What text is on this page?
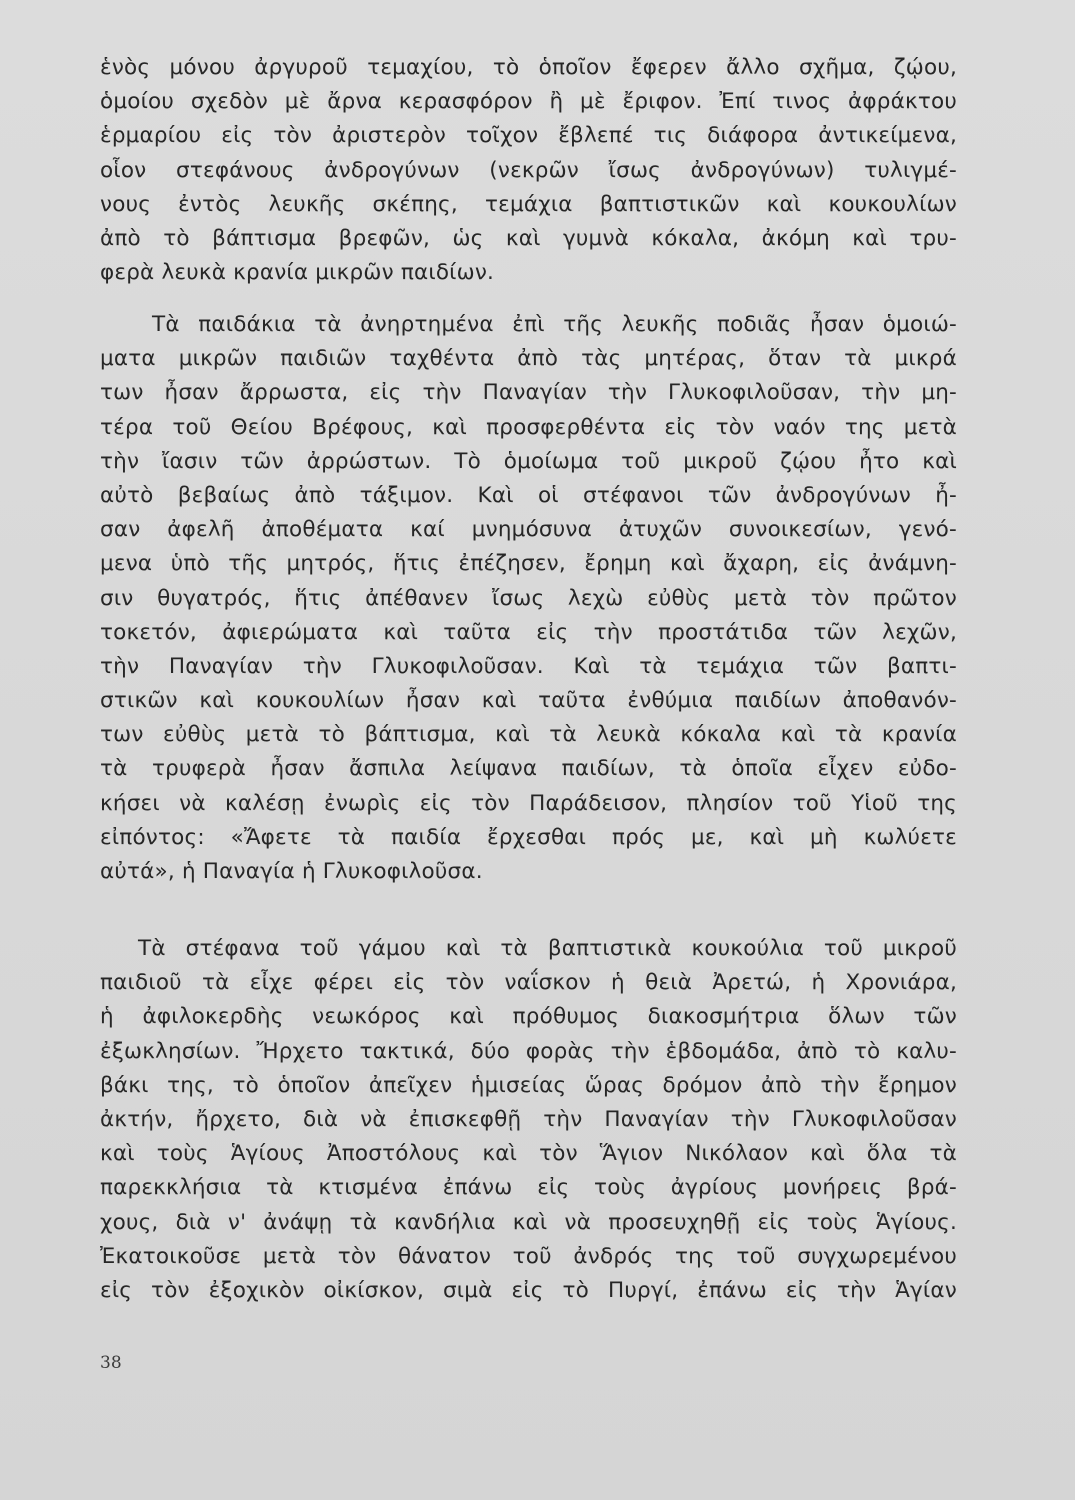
ἑνὸς μόνου ἀργυροῦ τεμαχίου, τὸ ὁποῖον ἔφερεν ἄλλο σχῆμα, ζῴου,
ὁμοίου σχεδὸν μὲ ἄρνα κερασφόρον ἢ μὲ ἔριφον. Ἐπί τινος ἀφράκτου
ἑρμαρίου εἰς τὸν ἀριστερὸν τοῖχον ἔβλεπέ τις διάφορα ἀντικείμενα,
οἷον στεφάνους ἀνδρογύνων (νεκρῶν ἴσως ἀνδρογύνων) τυλιγμέ-
νους ἐντὸς λευκῆς σκέπης, τεμάχια βαπτιστικῶν καὶ κουκουλίων
ἀπὸ τὸ βάπτισμα βρεφῶν, ὡς καὶ γυμνὰ κόκαλα, ἀκόμη καὶ τρυ-
φερὰ λευκὰ κρανία μικρῶν παιδίων.
Τὰ παιδάκια τὰ ἀνηρτημένα ἐπὶ τῆς λευκῆς ποδιᾶς ἦσαν ὁμοιώ-
ματα μικρῶν παιδιῶν ταχθέντα ἀπὸ τὰς μητέρας, ὅταν τὰ μικρά
των ἦσαν ἄρρωστα, εἰς τὴν Παναγίαν τὴν Γλυκοφιλοῦσαν, τὴν μη-
τέρα τοῦ Θείου Βρέφους, καὶ προσφερθέντα εἰς τὸν ναόν της μετὰ
τὴν ἴασιν τῶν ἀρρώστων. Τὸ ὁμοίωμα τοῦ μικροῦ ζῴου ἦτο καὶ
αὐτὸ βεβαίως ἀπὸ τάξιμον. Καὶ οἱ στέφανοι τῶν ἀνδρογύνων ἦ-
σαν ἀφελῆ ἀποθέματα καί μνημόσυνα ἀτυχῶν συνοικεσίων, γενό-
μενα ὑπὸ τῆς μητρός, ἥτις ἐπέζησεν, ἔρημη καὶ ἄχαρη, εἰς ἀνάμνη-
σιν θυγατρός, ἥτις ἀπέθανεν ἴσως λεχὼ εὐθὺς μετὰ τὸν πρῶτον
τοκετόν, ἀφιερώματα καὶ ταῦτα εἰς τὴν προστάτιδα τῶν λεχῶν,
τὴν Παναγίαν τὴν Γλυκοφιλοῦσαν. Καὶ τὰ τεμάχια τῶν βαπτι-
στικῶν καὶ κουκουλίων ἦσαν καὶ ταῦτα ἐνθύμια παιδίων ἀποθανόν-
των εὐθὺς μετὰ τὸ βάπτισμα, καὶ τὰ λευκὰ κόκαλα καὶ τὰ κρανία
τὰ τρυφερὰ ἦσαν ἄσπιλα λείψανα παιδίων, τὰ ὁποῖα εἶχεν εὐδο-
κήσει νὰ καλέσῃ ἐνωρὶς εἰς τὸν Παράδεισον, πλησίον τοῦ Υἱοῦ της
εἰπόντος: «Ἄφετε τὰ παιδία ἔρχεσθαι πρός με, καὶ μὴ κωλύετε
αὐτά», ἡ Παναγία ἡ Γλυκοφιλοῦσα.
Τὰ στέφανα τοῦ γάμου καὶ τὰ βαπτιστικὰ κουκούλια τοῦ μικροῦ
παιδιοῦ τὰ εἶχε φέρει εἰς τὸν ναΐσκον ἡ θειὰ Ἀρετώ, ἡ Χρονιάρα,
ἡ ἀφιλοκερδὴς νεωκόρος καὶ πρόθυμος διακοσμήτρια ὅλων τῶν
ἐξωκλησίων. Ἤρχετο τακτικά, δύο φορὰς τὴν ἑβδομάδα, ἀπὸ τὸ καλυ-
βάκι της, τὸ ὁποῖον ἀπεῖχεν ἡμισείας ὥρας δρόμον ἀπὸ τὴν ἔρημον
ἀκτήν, ἤρχετο, διὰ νὰ ἐπισκεφθῇ τὴν Παναγίαν τὴν Γλυκοφιλοῦσαν
καὶ τοὺς Ἁγίους Ἀποστόλους καὶ τὸν Ἅγιον Νικόλαον καὶ ὅλα τὰ
παρεκκλήσια τὰ κτισμένα ἐπάνω εἰς τοὺς ἀγρίους μονήρεις βρά-
χους, διὰ ν' ἀνάψῃ τὰ κανδήλια καὶ νὰ προσευχηθῇ εἰς τοὺς Ἁγίους.
Ἐκατοικοῦσε μετὰ τὸν θάνατον τοῦ ἀνδρός της τοῦ συγχωρεμένου
εἰς τὸν ἐξοχικὸν οἰκίσκον, σιμὰ εἰς τὸ Πυργί, ἐπάνω εἰς τὴν Ἁγίαν
38
